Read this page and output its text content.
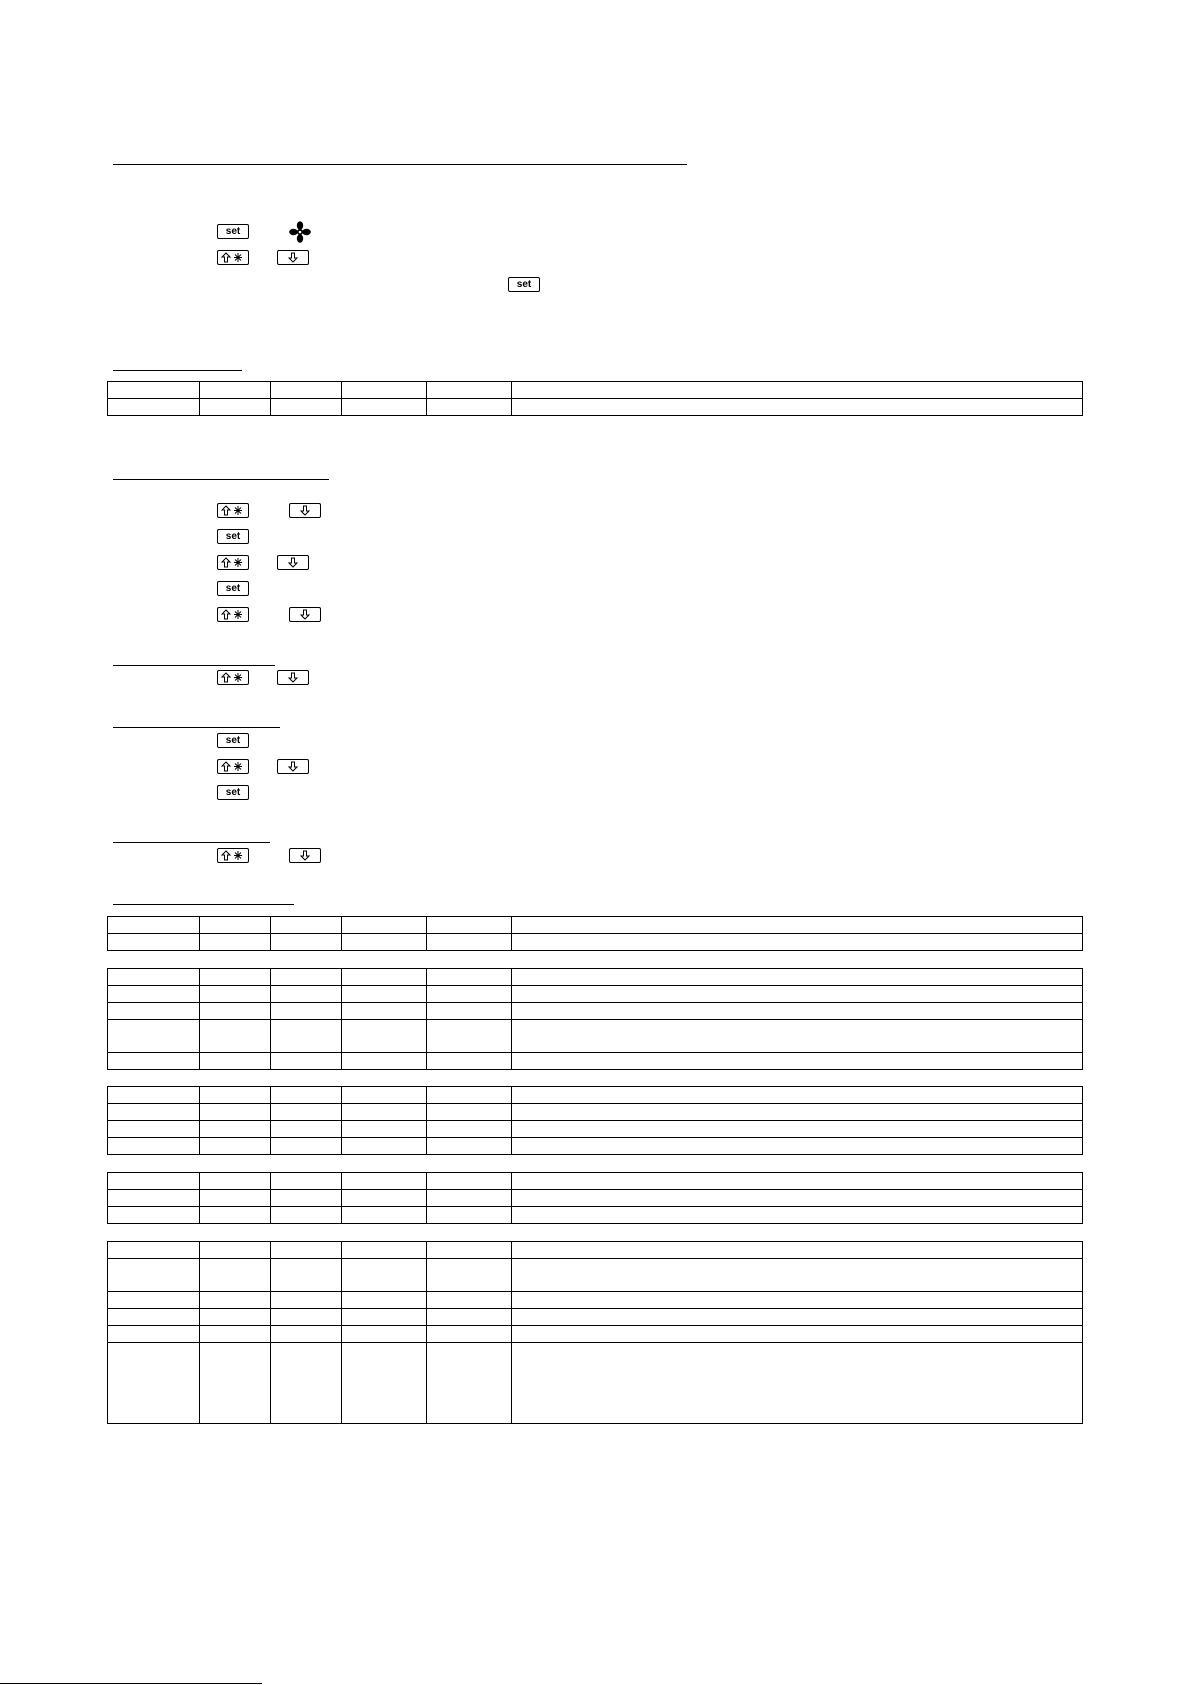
set
set

set
set
set
set
